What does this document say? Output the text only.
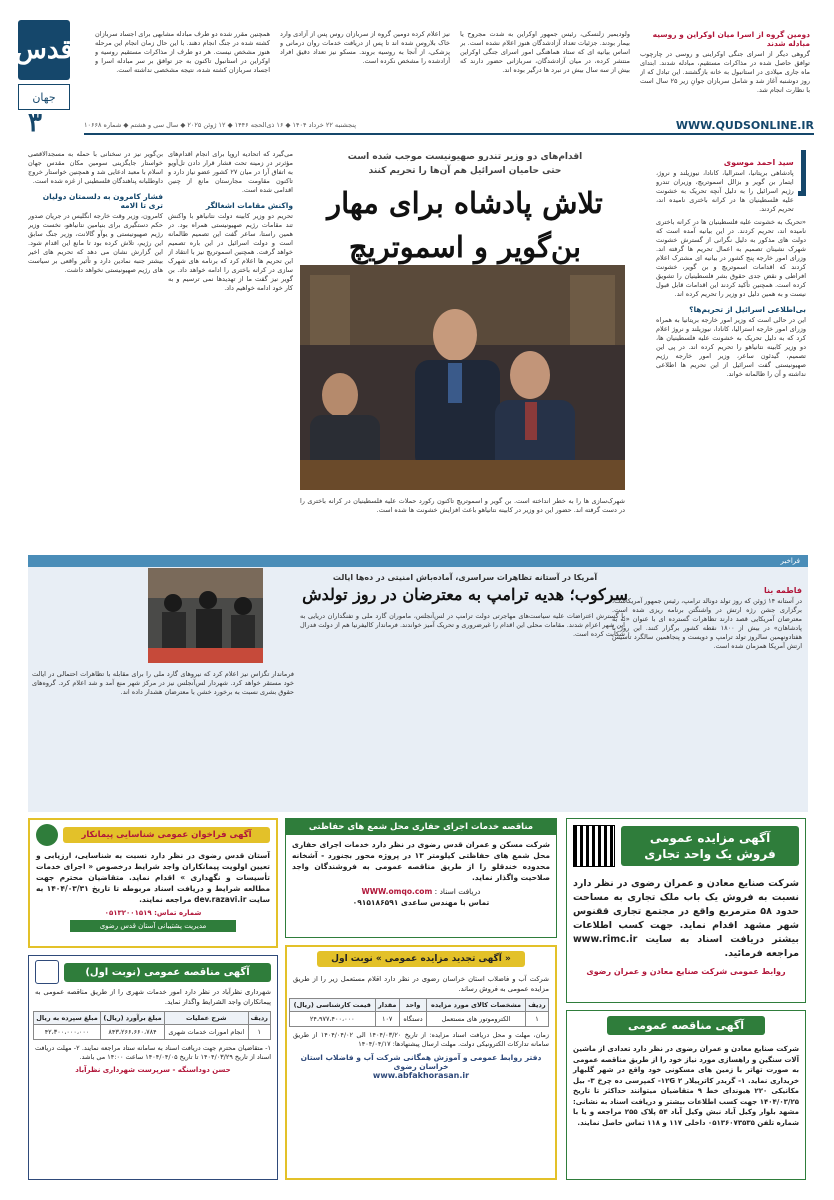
قدس
جهان
۳
دومین گروه از اسرا میان اوکراین و روسیه مبادله شدند
گروهی دیگر از اسرای جنگی اوکراینی و روسی در چارچوب توافق حاصل شده در مذاکرات مستقیم، مبادله شدند. ابتدای ماه جاری میلادی در استانبول به خانه بازگشتند. این تبادل که از روز دوشنبه آغاز شد و شامل سربازان جوانِ زیر ۲۵ سال است با نظارت انجام شد.
ولودیمیر زلنسکی، رئیس جمهور اوکراین به شدت مجروح یا بیمار بودند. جزئیات تعداد آزادشدگان هنوز اعلام نشده است. بر اساس بیانیه ای که ستاد هماهنگی امور اسرای جنگی اوکراین منتشر کرده، در میان آزادشدگان، سربازانی حضور دارند که بیش از سه سال بیش در نبرد ها درگیر بوده اند.
نیز اعلام کرده دومین گروه از سربازان روس پس از آزادی وارد خاک بلاروس شده اند تا پس از دریافت خدمات روان درمانی و پزشکی، از آنجا به روسیه بروند. مسکو نیز تعداد دقیق افراد آزادشده را مشخص نکرده است.
همچنین مقرر شده دو طرف مبادله مشابهی برای اجساد سربازان کشته شده در جنگ انجام دهند. با این حال زمان انجام این مرحله هنوز مشخص نیست. هر دو طرف از مذاکرات مستقیم روسیه و اوکراین در استانبول تاکنون به جز توافق بر سر مبادله اسرا و اجساد سربازان کشته شده، نتیجه مشخصی نداشته است.
پنجشنبه ۲۲ خرداد ۱۴۰۴ ◆ ۱۶ ذی‌الحجه ۱۴۴۶ ◆ ۱۲ ژوئن ۲۰۲۵ ◆ سال سی و هشتم ◆ شماره ۱۰۶۶۸	WWW.QUDSONLINE.IR
سید احمد موسوی
پادشاهی بریتانیا، استرالیا، کانادا، نیوزیلند و نروژ، ایتمار بن گویر و بزالل اسموتریچ، وزیران تندرو رژیم اسرائیل را به دلیل آنچه تحریک به خشونت علیه فلسطینیان ها در کرانه باختری نامیده اند، تحریم کردند.
«تحریک به خشونت علیه فلسطینیان ها در کرانه باختری نامیده اند، تحریم کردند. در این بیانیه آمده است که دولت های مذکور به دلیل نگرانی از گسترش خشونت شهرک نشینان تصمیم به اعمال تحریم ها گرفته اند. وزرای امور خارجه پنج کشور در بیانیه ای مشترک اعلام کردند که اقدامات اسموتریچ و بن گویر، خشونت افراطی و نقض جدی حقوق بشر فلسطینیان را تشویق کرده است. همچنین تأکید کردند این اقدامات قابل قبول نیست و به همین دلیل دو وزیر را تحریم کرده اند.
بی‌اطلاعی اسرائیل از تحریم‌ها؟
این در حالی است که وزیر امور خارجه بریتانیا به همراه وزرای امور خارجه استرالیا، کانادا، نیوزیلند و نروژ اعلام کرد که به دلیل تحریک به خشونت علیه فلسطینیان ها، دو وزیر کابینه نتانیاهو را تحریم کرده اند. در پی این تصمیم، گیدئون ساعر، وزیر امور خارجه رژیم صهیونیستی گفت اسرائیل از این تحریم ها اطلاعی نداشته و آن را ظالمانه خواند.
اقدام‌های دو وزیر تندرو صهیونیست موجب شده است
حتی حامیان اسرائیل هم آن‌ها را تحریم کنند
تلاش پادشاه برای مهار
بن‌گویر و اسموتریچ
می‌گیرد که اتحادیه اروپا برای انجام اقدام‌های مؤثرتر در زمینه تحت فشار قرار دادن تل‌آویو به اتفاق آرا در میان ۲۷ کشور عضو نیاز دارد و تاکنون مقاومت مجارستان مانع از چنین اقدامی شده است.
واکنش مقامات اشغالگر
تحریم دو وزیر کابینه دولت نتانیاهو با واکنش تند مقامات رژیم صهیونیستی همراه بود. در همین راستا، ساعر گفت این تصمیم ظالمانه است و دولت اسرائیل در این باره تصمیم خواهد گرفت. همچنین اسموتریچ نیز با انتقاد از این تحریم ها اعلام کرد که برنامه های شهرک سازی در کرانه باختری را ادامه خواهد داد. بن گویر نیز گفت ما از تهدیدها نمی ترسیم و به کار خود ادامه خواهیم داد.
بن‌گویر نیز در سخنانی با حمله به مسجدالاقصی خواستار جایگزینی سومین مکان مقدس جهان اسلام با معبد ادعایی شد و همچنین خواستار خروج داوطلبانه پناهندگان فلسطینی از غزه شده است.
فشار کامرون به دلسمتان دولیان تری تا الامه
کامرون، وزیر وقت خارجه انگلیس در جریان صدور حکم دستگیری برای بنیامین نتانیاهو، نخست وزیر رژیم صهیونیستی و یوآو گالانت، وزیر جنگ سابق این رژیم، تلاش کرده بود تا مانع این اقدام شود. این گزارش نشان می دهد که تحریم های اخیر بیشتر جنبه نمادین دارد و تأثیر واقعی بر سیاست های رژیم صهیونیستی نخواهد داشت.
شهرک‌سازی ها را به خطر انداخته است. بن گویر و اسموتریچ تاکنون رکورد حملات علیه فلسطینیان در کرانه باختری را در دست گرفته اند. حضور این دو وزیر در کابینه نتانیاهو باعث افزایش خشونت ها شده است.
فراخبر
آمریکا در آستانه تظاهرات سراسری، آماده‌باش امنیتی در ده‌ها ایالت
سرکوب؛ هدیه ترامپ به معترضان در روز تولدش	فاطمه بنا
در آستانه ۱۴ ژوئن که روز تولد دونالد ترامپ، رئیس جمهور آمریکاست، برگزاری جشن رژه ارتش در واشنگتن برنامه ریزی شده است. معترضان آمریکایی قصد دارند تظاهرات گسترده ای با عنوان «نه به پادشاهان» در بیش از ۱۸۰۰ نقطه کشور برگزار کنند. این روز با هفتادونهمین سالروز تولد ترامپ و دویست و پنجاهمین سالگرد تأسیس ارتش آمریکا همزمان شده است.
با گسترش اعتراضات علیه سیاست‌های مهاجرتی دولت ترامپ در لس‌آنجلس، ماموران گارد ملی و تفنگداران دریایی به این شهر اعزام شدند. مقامات محلی این اقدام را غیرضروری و تحریک آمیز خواندند. فرماندار کالیفرنیا هم از دولت فدرال شکایت کرده است.
فرماندار تگزاس نیز اعلام کرد که نیروهای گارد ملی را برای مقابله با تظاهرات احتمالی در ایالت خود مستقر خواهد کرد. شهردار لس‌آنجلس نیز در مرکز شهر منع آمد و شد اعلام کرد. گروه‌های حقوق بشری نسبت به برخورد خشن با معترضان هشدار داده اند.
آگهی مزایده عمومی
فروش یک واحد تجاری
شرکت صنایع معادن و عمران رضوی در نظر دارد نسبت به فروش یک باب ملک تجاری به مساحت حدود ۵۸ مترمربع واقع در مجتمع تجاری ققنوس شهر مشهد اقدام نماید. جهت کسب اطلاعات بیشتر دریافت اسناد به سایت www.rimc.ir مراجعه فرمائید.
روابط عمومی شرکت صنایع معادن و عمران رضوی
آگهی مناقصه عمومی
شرکت صنایع معادن و عمران رضوی در نظر دارد تعدادی از ماشین آلات سنگین و راهسازی مورد نیاز خود را از طریق مناقصه عمومی به صورت تهاتر با زمین های مسکونی خود واقع در شهر گلبهار خریداری نماید. ۱- گریدر کاترپیلار ۱۲G ۲- کمپرسی ده چرخ ۳- بیل مکانیکی ۲۲۰ هیوندای خط ۹ متقاضیان میتوانند حداکثر تا تاریخ ۱۴۰۴/۰۳/۲۵ جهت کسب اطلاعات بیشتر و دریافت اسناد به نشانی: مشهد بلوار وکیل آباد نبش وکیل آباد ۵۴ پلاک ۲۵۵ مراجعه و یا با شماره تلفن ۰۵۱۳۶۰۷۳۵۳۵ داخلی ۱۱۷ و ۱۱۸ تماس حاصل نمایند.
مناقصه خدمات اجرای حفاری محل شمع های حفاظتی
شرکت مسکن و عمران قدس رضوی در نظر دارد خدمات اجرای حفاری محل شمع های حفاظتی کیلومتر ۱۳ در پروژه محور بجنورد - آشخانه محدوده خندقلو را از طریق مناقصه عمومی به فروشندگان واجد صلاحیت واگذار نماید.
دریافت اسناد : WWW.omqo.com
تماس با مهندس ساعدی ۰۹۱۵۱۸۶۵۹۱
« آگهی تجدید مزایده عمومی » نوبت اول
شرکت آب و فاضلاب استان خراسان رضوی در نظر دارد اقلام مستعمل زیر را از طریق مزایده عمومی به فروش رساند.
ردیف	مشخصات کالای مورد مزایده	واحد	مقدار	قیمت کارشناسی (ریال)
۱	الکتروموتور های مستعمل	دستگاه	۱۰۷	۲۴،۹۷۷،۴۰۰،۰۰۰
زمان، مهلت و محل دریافت اسناد مزایده: از تاریخ ۱۴۰۴/۰۳/۲۰ الی ۱۴۰۴/۰۴/۰۲ از طریق سامانه تدارکات الکترونیکی دولت. مهلت ارسال پیشنهادها: ۱۴۰۴/۰۴/۱۷
دفتر روابط عمومی و آموزش همگانی شرکت آب و فاضلاب استان خراسان رضوی
www.abfakhorasan.ir
آگهی فراخوان عمومی شناسایی پیمانکار
آستان قدس رضوی در نظر دارد نسبت به شناسایی، ارزیابی و تعیین اولویت پیمانکاران واجد شرایط درخصوص « اجرای خدمات تأسیسات و نگهداری » اقدام نماید. متقاضیان محترم جهت مطالعه شرایط و دریافت اسناد مربوطه تا تاریخ ۱۴۰۴/۰۳/۳۱ به سایت dev.razavi.ir مراجعه نمایند.
شماره تماس: ۰۵۱۳۲۰۰۱۵۱۹
مدیریت پشتیبانی آستان قدس رضوی
آگهی مناقصه عمومی (نوبت اول)
شهرداری نظرآباد در نظر دارد امور خدمات شهری را از طریق مناقصه عمومی به پیمانکاران واجد الشرایط واگذار نماید.
ردیف	شرح عملیات	مبلغ برآورد (ریال)	مبلغ سپرده به ریال
۱	انجام امورات خدمات شهری	۸۴۳،۲۶۶،۶۶۰،۷۸۴	۴۲،۳۰۰،۰۰۰،۰۰۰
۱- متقاضیان محترم جهت دریافت اسناد به سامانه ستاد مراجعه نمایند. ۲- مهلت دریافت اسناد از تاریخ ۱۴۰۴/۰۳/۲۹ تا تاریخ ۱۴۰۴/۰۴/۰۵ ساعت ۱۴:۰۰ می باشد.
حسن دوداسنگه - سرپرست شهرداری نظرآباد
